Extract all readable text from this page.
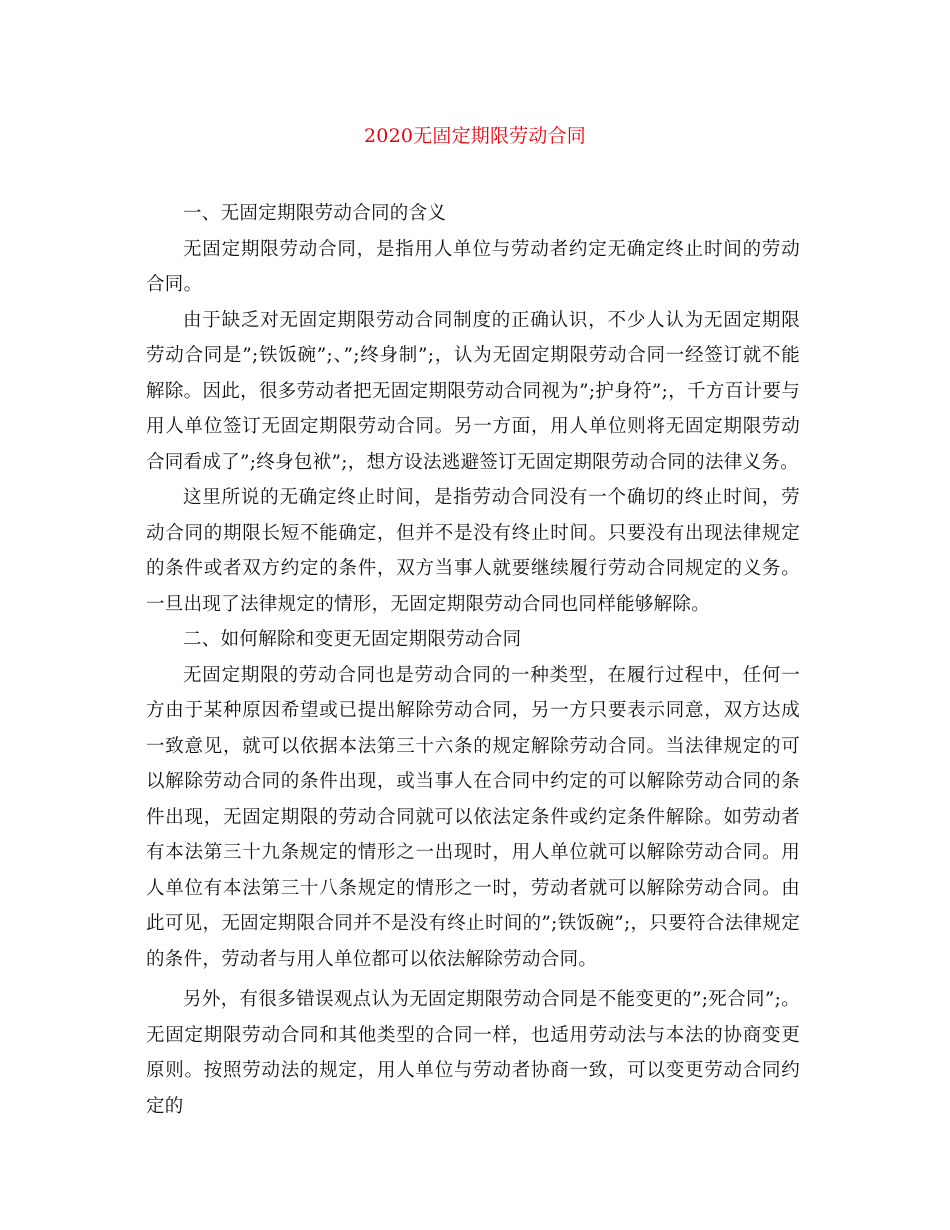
2020无固定期限劳动合同

一、无固定期限劳动合同的含义

无固定期限劳动合同，是指用人单位与劳动者约定无确定终止时间的劳动合同。

由于缺乏对无固定期限劳动合同制度的正确认识，不少人认为无固定期限劳动合同是”;铁饭碗”;、”;终身制”;，认为无固定期限劳动合同一经签订就不能解除。因此，很多劳动者把无固定期限劳动合同视为”;护身符”;，千方百计要与用人单位签订无固定期限劳动合同。另一方面，用人单位则将无固定期限劳动合同看成了”;终身包袱”;，想方设法逃避签订无固定期限劳动合同的法律义务。

这里所说的无确定终止时间，是指劳动合同没有一个确切的终止时间，劳动合同的期限长短不能确定，但并不是没有终止时间。只要没有出现法律规定的条件或者双方约定的条件，双方当事人就要继续履行劳动合同规定的义务。一旦出现了法律规定的情形，无固定期限劳动合同也同样能够解除。

二、如何解除和变更无固定期限劳动合同

无固定期限的劳动合同也是劳动合同的一种类型，在履行过程中，任何一方由于某种原因希望或已提出解除劳动合同，另一方只要表示同意，双方达成一致意见，就可以依据本法第三十六条的规定解除劳动合同。当法律规定的可以解除劳动合同的条件出现，或当事人在合同中约定的可以解除劳动合同的条件出现，无固定期限的劳动合同就可以依法定条件或约定条件解除。如劳动者有本法第三十九条规定的情形之一出现时，用人单位就可以解除劳动合同。用人单位有本法第三十八条规定的情形之一时，劳动者就可以解除劳动合同。由此可见，无固定期限合同并不是没有终止时间的”;铁饭碗”;，只要符合法律规定的条件，劳动者与用人单位都可以依法解除劳动合同。

另外，有很多错误观点认为无固定期限劳动合同是不能变更的”;死合同”;。无固定期限劳动合同和其他类型的合同一样，也适用劳动法与本法的协商变更原则。按照劳动法的规定，用人单位与劳动者协商一致，可以变更劳动合同约定的
